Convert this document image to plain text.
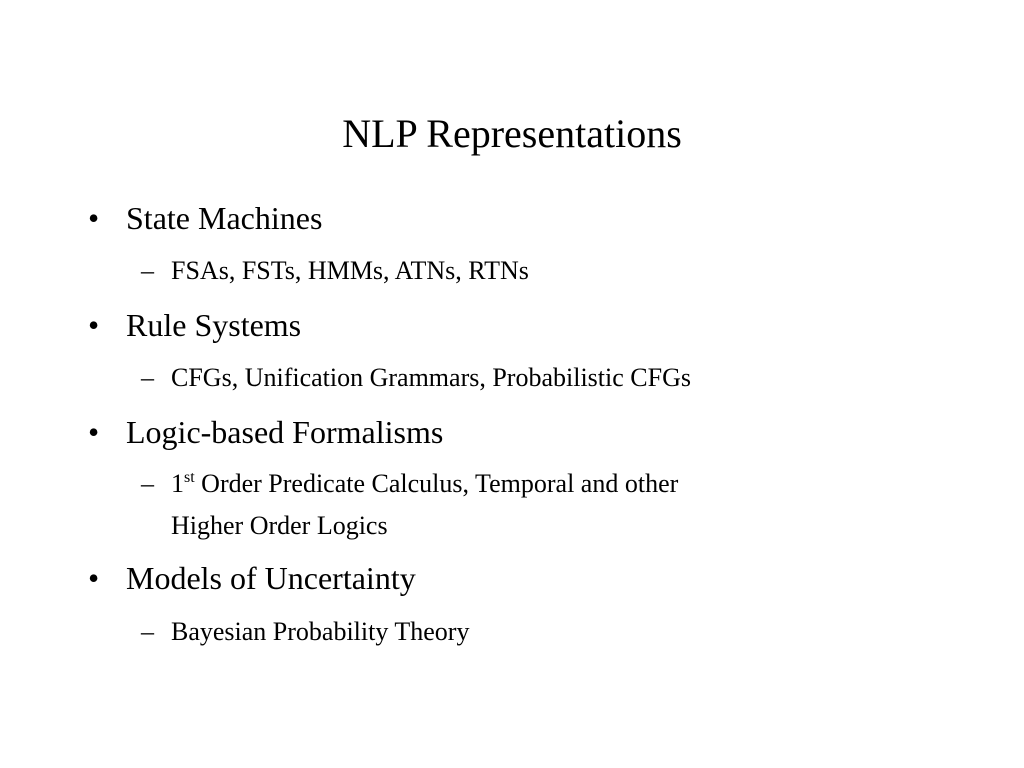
NLP Representations
• State Machines
– FSAs, FSTs, HMMs, ATNs, RTNs
• Rule Systems
– CFGs, Unification Grammars, Probabilistic CFGs
• Logic-based Formalisms
– 1st Order Predicate Calculus, Temporal and other
Higher Order Logics
• Models of Uncertainty
– Bayesian Probability Theory
